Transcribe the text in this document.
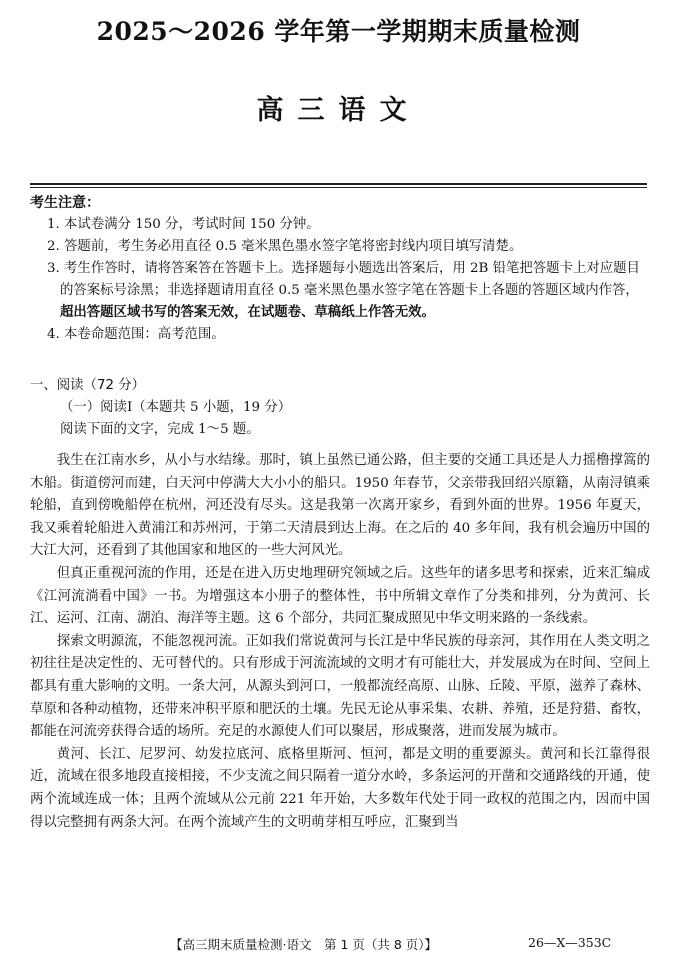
2025～2026 学年第一学期期末质量检测
高三语文
考生注意：
1. 本试卷满分 150 分，考试时间 150 分钟。
2. 答题前，考生务必用直径 0.5 毫米黑色墨水签字笔将密封线内项目填写清楚。
3. 考生作答时，请将答案答在答题卡上。选择题每小题选出答案后，用 2B 铅笔把答题卡上对应题目的答案标号涂黑；非选择题请用直径 0.5 毫米黑色墨水签字笔在答题卡上各题的答题区域内作答，超出答题区域书写的答案无效，在试题卷、草稿纸上作答无效。
4. 本卷命题范围：高考范围。
一、阅读（72 分）
（一）阅读Ⅰ（本题共 5 小题，19 分）
阅读下面的文字，完成 1～5 题。

我生在江南水乡，从小与水结缘。那时，镇上虽然已通公路，但主要的交通工具还是人力摇橹撑篙的木船。街道傍河而建，白天河中停满大大小小的船只。1950 年春节，父亲带我回绍兴原籍，从南浔镇乘轮船，直到傍晚船停在杭州，河还没有尽头。这是我第一次离开家乡，看到外面的世界。1956 年夏天，我又乘着轮船进入黄浦江和苏州河，于第二天清晨到达上海。在之后的 40 多年间，我有机会遍历中国的大江大河，还看到了其他国家和地区的一些大河风光。

但真正重视河流的作用，还是在进入历史地理研究领域之后。这些年的诸多思考和探索，近来汇编成《江河流淌看中国》一书。为增强这本小册子的整体性，书中所辑文章作了分类和排列，分为黄河、长江、运河、江南、湖泊、海洋等主题。这 6 个部分，共同汇聚成照见中华文明来路的一条线索。

探索文明源流，不能忽视河流。正如我们常说黄河与长江是中华民族的母亲河，其作用在人类文明之初往往是决定性的、无可替代的。只有形成于河流流域的文明才有可能壮大，并发展成为在时间、空间上都具有重大影响的文明。一条大河，从源头到河口，一般都流经高原、山脉、丘陵、平原，滋养了森林、草原和各种动植物，还带来冲积平原和肥沃的土壤。先民无论从事采集、农耕、养殖，还是狩猎、畜牧，都能在河流旁获得合适的场所。充足的水源使人们可以聚居，形成聚落，进而发展为城市。

黄河、长江、尼罗河、幼发拉底河、底格里斯河、恒河，都是文明的重要源头。黄河和长江靠得很近，流域在很多地段直接相接，不少支流之间只隔着一道分水岭，多条运河的开凿和交通路线的开通，使两个流域连成一体；且两个流域从公元前 221 年开始，大多数年代处于同一政权的范围之内，因而中国得以完整拥有两条大河。在两个流域产生的文明萌芽相互呼应，汇聚到当

【高三期末质量检测·语文　第 1 页（共 8 页）】	26—X—353C
